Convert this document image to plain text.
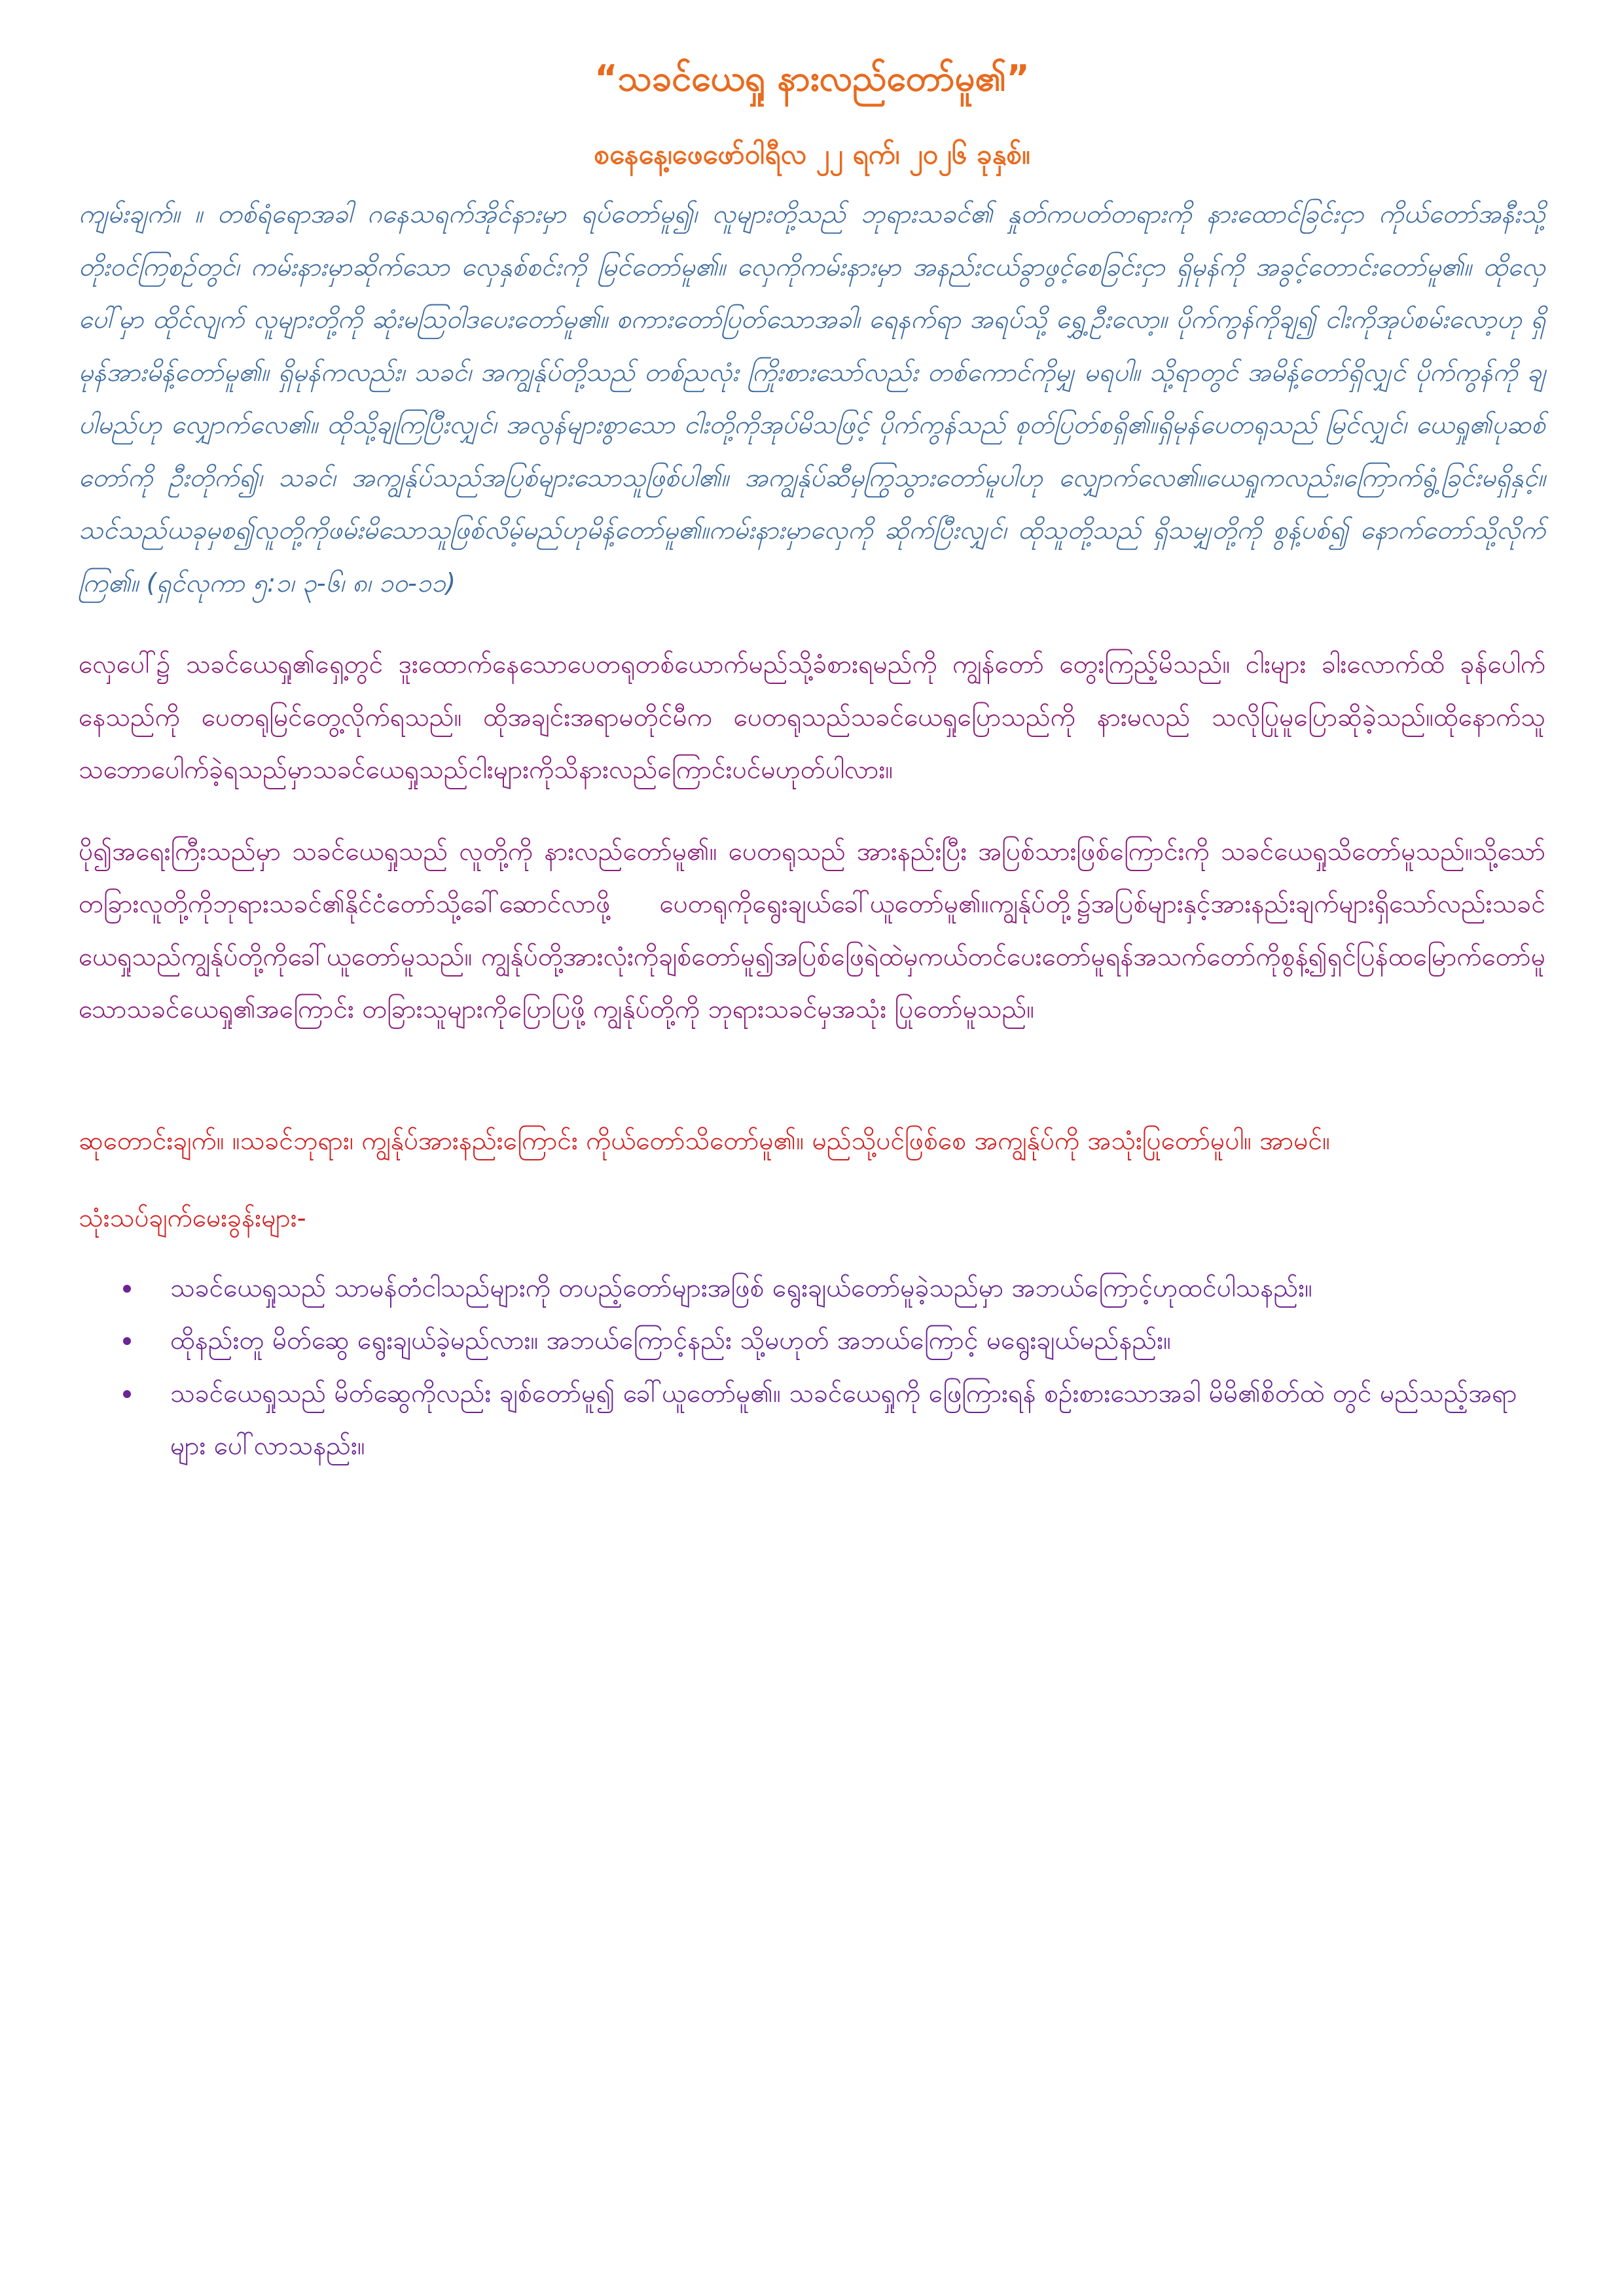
“သခင်ယေရှု နားလည်တော်မူ၏”
စနေနေ့၊ဖေဖော်ဝါရီလ ၂၂ ရက်၊ ၂၀၂၆ ခုနှစ်။

ကျမ်းချက်။ ။ တစ်ရံရောအခါ ဂနေသရက်အိုင်နားမှာ ရပ်တော်မူ၍၊ လူများတို့သည် ဘုရားသခင်၏ နှုတ်ကပတ်တရားကို နားထောင်ခြင်းငှာ ကိုယ်တော်အနီးသို့ တိုးဝင်ကြစဉ်တွင်၊ ကမ်းနားမှာဆိုက်သော လှေနှစ်စင်းကို မြင်တော်မူ၏။ လှေကိုကမ်းနားမှာ အနည်းငယ်ခွာဖွင့်စေခြင်းငှာ ရှိမုန်ကို အခွင့်တောင်းတော်မူ၏။ ထိုလှေပေါ်မှာ ထိုင်လျက် လူများတို့ကို ဆုံးမဩဝါဒပေးတော်မူ၏။ စကားတော်ပြတ်သောအခါ၊ ရေနက်ရာ အရပ်သို့ ရွှေ့ဦးလော့။ ပိုက်ကွန်ကိုချ၍ ငါးကိုအုပ်စမ်းလော့ဟု ရှိမုန်အားမိန့်တော်မူ၏။ ရှိမုန်ကလည်း၊ သခင်၊ အကျွန်ုပ်တို့သည် တစ်ညလုံး ကြိုးစားသော်လည်း တစ်ကောင်ကိုမျှ မရပါ။ သို့ရာတွင် အမိန့်တော်ရှိလျှင် ပိုက်ကွန်ကို ချပါမည်ဟု လျှောက်လေ၏။ ထိုသို့ချကြပြီးလျှင်၊ အလွန်များစွာသော ငါးတို့ကိုအုပ်မိသဖြင့် ပိုက်ကွန်သည် စုတ်ပြတ်စရှိ၏။ရှိမုန်ပေတရုသည် မြင်လျှင်၊ ယေရှု၏ပုဆစ်တော်ကို ဦးတိုက်၍၊ သခင်၊ အကျွန်ုပ်သည်အပြစ်များသောသူဖြစ်ပါ၏။ အကျွန်ုပ်ဆီမှကြွသွားတော်မူပါဟု လျှောက်လေ၏။ယေရှုကလည်း၊ကြောက်ရွံ့ခြင်းမရှိနှင့်။ သင်သည်ယခုမှစ၍လူတို့ကိုဖမ်းမိသောသူဖြစ်လိမ့်မည်ဟုမိန့်တော်မူ၏။ကမ်းနားမှာလှေကို ဆိုက်ပြီးလျှင်၊ ထိုသူတို့သည် ရှိသမျှတို့ကို စွန့်ပစ်၍ နောက်တော်သို့လိုက်ကြ၏။ (ရှင်လုကာ ၅:၁၊ ၃-၆၊ ၈၊ ၁၀-၁၁)

လှေပေါ်၌ သခင်ယေရှု၏ရှေ့တွင် ဒူးထောက်နေသောပေတရုတစ်ယောက်မည်သို့ခံစားရမည်ကို ကျွန်တော် တွေးကြည့်မိသည်။ ငါးများ ခါးလောက်ထိ ခုန်ပေါက်နေသည်ကို ပေတရုမြင်တွေ့လိုက်ရသည်။ ထိုအချင်းအရာမတိုင်မီက ပေတရုသည်သခင်ယေရှုပြောသည်ကို နားမလည် သလိုပြုမူပြောဆိုခဲ့သည်။ထိုနောက်သူသဘောပေါက်ခဲ့ရသည်မှာသခင်ယေရှုသည်ငါးများကိုသိနားလည်ကြောင်းပင်မဟုတ်ပါလား။

ပို၍အရေးကြီးသည်မှာ သခင်ယေရှုသည် လူတို့ကို နားလည်တော်မူ၏။ ပေတရုသည် အားနည်းပြီး အပြစ်သားဖြစ်ကြောင်းကို သခင်ယေရှုသိတော်မူသည်။သို့သော်တခြားလူတို့ကိုဘုရားသခင်၏နိုင်ငံတော်သို့ခေါ်ဆောင်လာဖို့ ပေတရုကိုရွေးချယ်ခေါ်ယူတော်မူ၏။ကျွန်ုပ်တို့၌အပြစ်များနှင့်အားနည်းချက်များရှိသော်လည်းသခင်ယေရှုသည်ကျွန်ုပ်တို့ကိုခေါ်ယူတော်မူသည်။ ကျွန်ုပ်တို့အားလုံးကိုချစ်တော်မူ၍အပြစ်ဖြေရဲထဲမှကယ်တင်ပေးတော်မူရန်အသက်တော်ကိုစွန့်၍ရှင်ပြန်ထမြောက်တော်မူသောသခင်ယေရှု၏အကြောင်း တခြားသူများကိုပြောပြဖို့ ကျွန်ုပ်တို့ကို ဘုရားသခင်မှအသုံး ပြုတော်မူသည်။

ဆုတောင်းချက်။ ။သခင်ဘုရား၊ ကျွန်ုပ်အားနည်းကြောင်း ကိုယ်တော်သိတော်မူ၏။ မည်သို့ပင်ဖြစ်စေ အကျွန်ုပ်ကို အသုံးပြုတော်မူပါ။ အာမင်။

သုံးသပ်ချက်မေးခွန်းများ-

သခင်ယေရှုသည် သာမန်တံငါသည်များကို တပည့်တော်များအဖြစ် ရွေးချယ်တော်မူခဲ့သည်မှာ အဘယ်ကြောင့်ဟုထင်ပါသနည်း။
ထိုနည်းတူ မိတ်ဆွေ ရွေးချယ်ခဲ့မည်လား။ အဘယ်ကြောင့်နည်း သို့မဟုတ် အဘယ်ကြောင့် မရွေးချယ်မည်နည်း။
သခင်ယေရှုသည် မိတ်ဆွေကိုလည်း ချစ်တော်မူ၍ ခေါ်ယူတော်မူ၏။ သခင်ယေရှုကို ဖြေကြားရန် စဉ်းစားသောအခါ မိမိ၏စိတ်ထဲ တွင် မည်သည့်အရာများ ပေါ်လာသနည်း။
